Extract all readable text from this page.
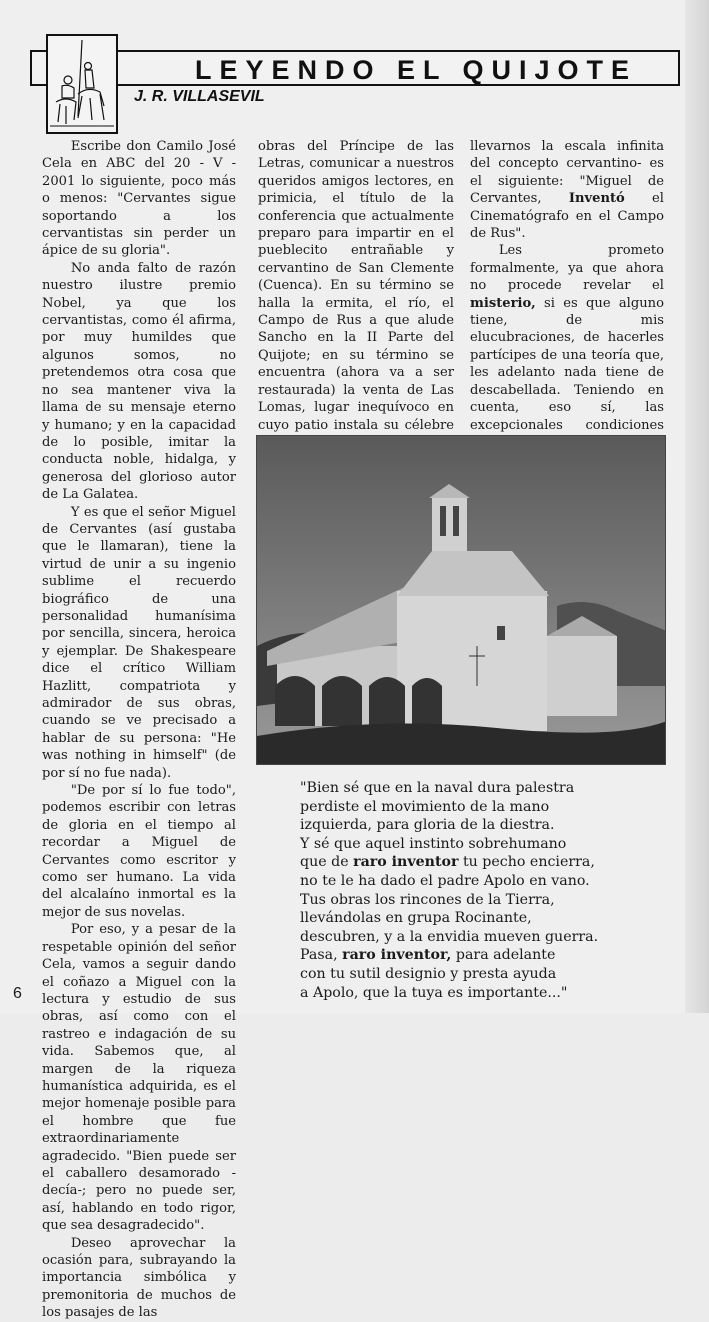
LEYENDO EL QUIJOTE
J. R. VILLASEVIL

Escribe don Camilo José Cela en ABC del 20 - V - 2001 lo siguiente, poco más o menos: "Cervantes sigue soportando a los cervantistas sin perder un ápice de su gloria".

No anda falto de razón nuestro ilustre premio Nobel, ya que los cervantistas, como él afirma, por muy humildes que algunos somos, no pretendemos otra cosa que no sea mantener viva la llama de su mensaje eterno y humano; y en la capacidad de lo posible, imitar la conducta noble, hidalga, y generosa del glorioso autor de La Galatea.

Y es que el señor Miguel de Cervantes (así gustaba que le llamaran), tiene la virtud de unir a su ingenio sublime el recuerdo biográfico de una personalidad humanísima por sencilla, sincera, heroica y ejemplar. De Shakespeare dice el crítico William Hazlitt, compatriota y admirador de sus obras, cuando se ve precisado a hablar de su persona: "He was nothing in himself" (de por sí no fue nada).

"De por sí lo fue todo", podemos escribir con letras de gloria en el tiempo al recordar a Miguel de Cervantes como escritor y como ser humano. La vida del alcalaíno inmortal es la mejor de sus novelas.

Por eso, y a pesar de la respetable opinión del señor Cela, vamos a seguir dando el coñazo a Miguel con la lectura y estudio de sus obras, así como con el rastreo e indagación de su vida. Sabemos que, al margen de la riqueza humanística adquirida, es el mejor homenaje posible para el hombre que fue extraordinariamente agradecido. "Bien puede ser el caballero desamorado -decía-; pero no puede ser, así, hablando en todo rigor, que sea desagradecido".

Deseo aprovechar la ocasión para, subrayando la importancia simbólica y premonitoria de muchos de los pasajes de las

obras del Príncipe de las Letras, comunicar a nuestros queridos amigos lectores, en primicia, el título de la conferencia que actualmente preparo para impartir en el pueblecito entrañable y cervantino de San Clemente (Cuenca). En su término se halla la ermita, el río, el Campo de Rus a que alude Sancho en la II Parte del Quijote; en su término se encuentra (ahora va a ser restaurada) la venta de Las Lomas, lugar inequívoco en cuyo patio instala su célebre

llevarnos la escala infinita del concepto cervantino- es el siguiente: "Miguel de Cervantes, Inventó el Cinematógrafo en el Campo de Rus".

Les prometo formalmente, ya que ahora no procede revelar el misterio, si es que alguno tiene, de mis elucubraciones, de hacerles partícipes de una teoría que, les adelanto nada tiene de descabellada. Teniendo en cuenta, eso sí, las excepcionales condiciones

"Bien sé que en la naval dura palestra
perdiste el movimiento de la mano
izquierda, para gloria de la diestra.
Y sé que aquel instinto sobrehumano
que de raro inventor tu pecho encierra,
no te le ha dado el padre Apolo en vano.
Tus obras los rincones de la Tierra,
llevándolas en grupa Rocinante,
descubren, y a la envidia mueven guerra.
Pasa, raro inventor, para adelante
con tu sutil designio y presta ayuda
a Apolo, que la tuya es importante..."
6
